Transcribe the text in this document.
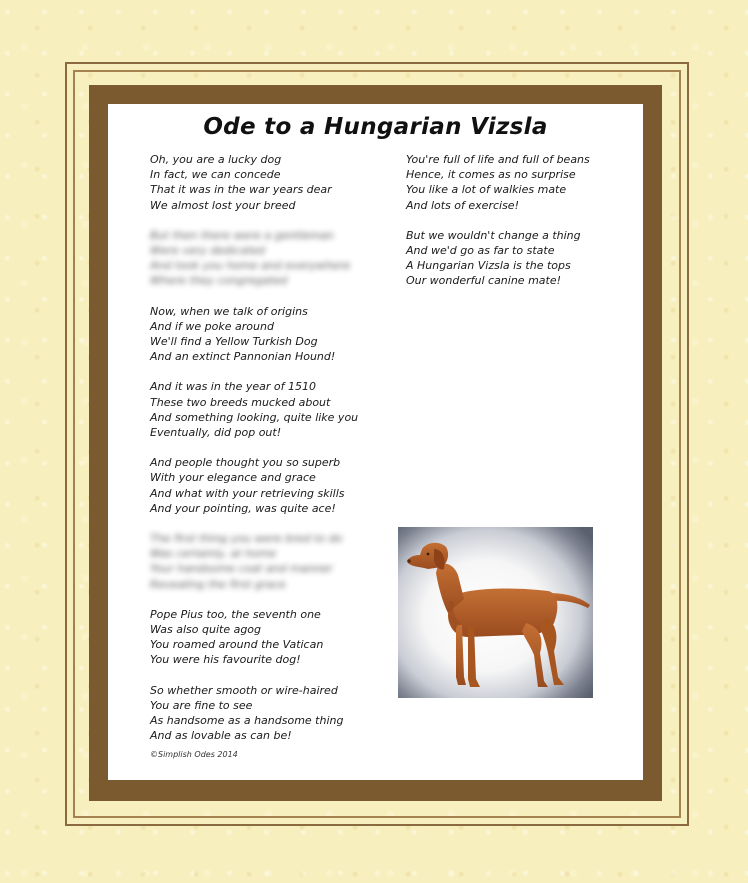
Ode to a Hungarian Vizsla
Oh, you are a lucky dog
In fact, we can concede
That it was in the war years dear
We almost lost your breed
But then there were a gentleman
Were very dedicated
And took you home and everywhere
Where they congregated
Now, when we talk of origins
And if we poke around
We'll find a Yellow Turkish Dog
And an extinct Pannonian Hound!
And it was in the year of 1510
These two breeds mucked about
And something looking, quite like you
Eventually, did pop out!
And people thought you so superb
With your elegance and grace
And what with your retrieving skills
And your pointing, was quite ace!
The first thing you were bred to do
Was certainly, at home
Your handsome coat and manner
Revealing the first grace
Pope Pius too, the seventh one
Was also quite agog
You roamed around the Vatican
You were his favourite dog!
So whether smooth or wire-haired
You are fine to see
As handsome as a handsome thing
And as lovable as can be!
You're full of life and full of beans
Hence, it comes as no surprise
You like a lot of walkies mate
And lots of exercise!
But we wouldn't change a thing
And we'd go as far to state
A Hungarian Vizsla is the tops
Our wonderful canine mate!
©Simplish Odes 2014
